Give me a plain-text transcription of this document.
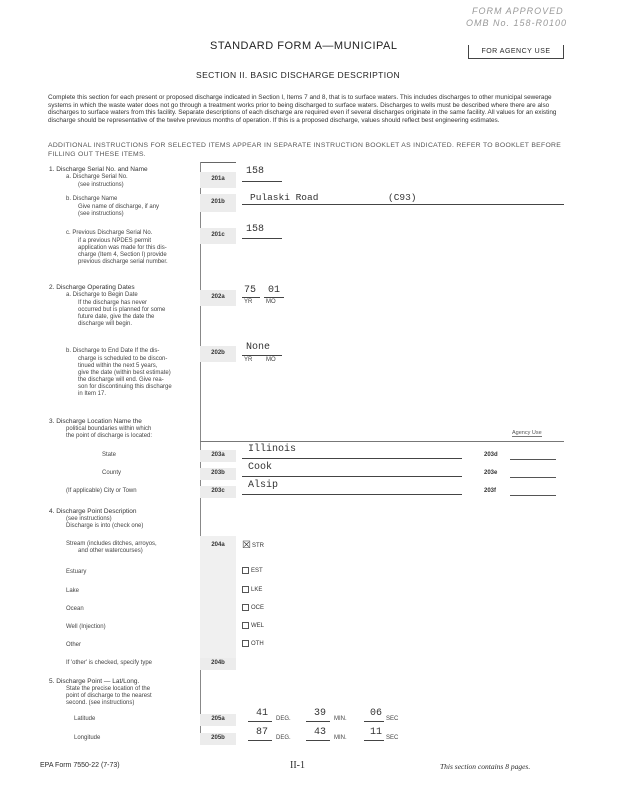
FORM APPROVED
OMB No. 158-R0100
STANDARD FORM A—MUNICIPAL	FOR AGENCY USE
SECTION II. BASIC DISCHARGE DESCRIPTION
Complete this section for each present or proposed discharge indicated in Section I, Items 7 and 8, that is to surface waters. This includes discharges to other municipal sewerage systems in which the waste water does not go through a treatment works prior to being discharged to surface waters. Discharges to wells must be described where there are also discharges to surface waters from this facility. Separate descriptions of each discharge are required even if several discharges originate in the same facility. All values for an existing discharge should be representative of the twelve previous months of operation. If this is a proposed discharge, values should reflect best engineering estimates.
ADDITIONAL INSTRUCTIONS FOR SELECTED ITEMS APPEAR IN SEPARATE INSTRUCTION BOOKLET AS INDICATED. REFER TO BOOKLET BEFORE FILLING OUT THESE ITEMS.
1. Discharge Serial No. and Name
a. Discharge Serial No.
(see instructions)
201a
158
b. Discharge Name
Give name of discharge, if any
(see instructions)
201b	Pulaski Road	(C93)
c. Previous Discharge Serial No.
if a previous NPDES permit
application was made for this dis-
charge (Item 4, Section I) provide
previous discharge serial number.
201c	158
2. Discharge Operating Dates
a. Discharge to Begin Date
If the discharge has never
occurred but is planned for some
future date, give the date the
discharge will begin.
202a
75 01
YR MO
b. Discharge to End Date If the dis-
charge is scheduled to be discon-
tinued within the next 5 years,
give the date (within best estimate)
the discharge will end. Give rea-
son for discontinuing this discharge
in Item 17.
202b	None
YR MO
3. Discharge Location Name the
political boundaries within which
the point of discharge is located:	Agency Use
State	203a	Illinois	203d
County	203b	Cook	203e
(If applicable) City or Town	203c	Alsip	203f
4. Discharge Point Description
(see instructions)
Discharge is into (check one)
204a
Stream (includes ditches, arroyos,
and other watercourses)	☒STR
Estuary	EST
Lake	LKE
Ocean	OCE
Well (Injection)	WEL
Other	OTH
If 'other' is checked, specify type	204b
5. Discharge Point — Lat/Long.
State the precise location of the
point of discharge to the nearest
second. (see instructions)
Latitude	205a	41 DEG. 39 MIN. 06 SEC
Longitude	205b	87 DEG. 43 MIN. 11 SEC
EPA Form 7550-22 (7-73)	II-1	This section contains 8 pages.
